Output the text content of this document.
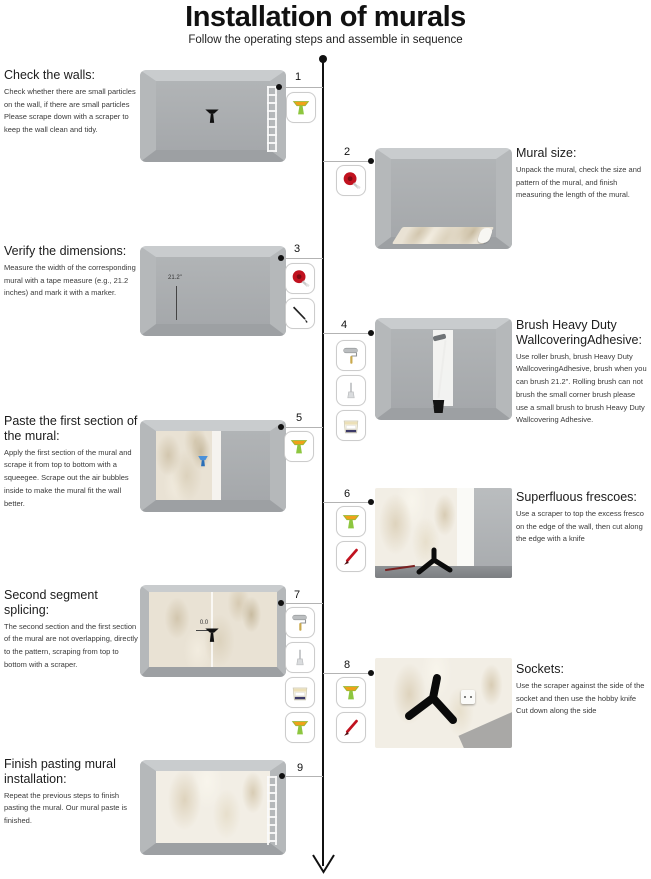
Installation of murals
Follow the operating steps and assemble in sequence
Check the walls:

Check whether there are small particles on the wall, if there are small particles Please scrape down with a scraper to keep the wall clean and tidy.

1
2	Mural size:

Unpack the mural, check the size and pattern of the mural, and finish measuring the length of the mural.

Verify the dimensions:

Measure the width of the corresponding mural with a tape measure (e.g., 21.2 inches) and mark it with a marker.

21.2"
3
4	Brush Heavy Duty WallcoveringAdhesive:

Use roller brush, brush Heavy Duty WallcoveringAdhesive, brush when you can brush 21.2". Rolling brush can not brush the small corner brush please use a small brush to brush Heavy Duty Wallcovering Adhesive.

Paste the first section of the mural:

Apply the first section of the mural and scrape it from top to bottom with a squeegee. Scrape out the air bubbles inside to make the mural fit the wall better.

5
6	Superfluous frescoes:

Use a scraper to top the excess fresco on the edge of the wall, then cut along the edge with a knife

Second segment splicing:

The second section and the first section of the mural are not overlapping, directly to the pattern, scraping from top to bottom with a scraper.

0.0
7
8	Sockets:

Use the scraper against the side of the socket and then use the hobby knife Cut down along the side

Finish pasting mural installation:

Repeat the previous steps to finish pasting the mural. Our mural paste is finished.

9
